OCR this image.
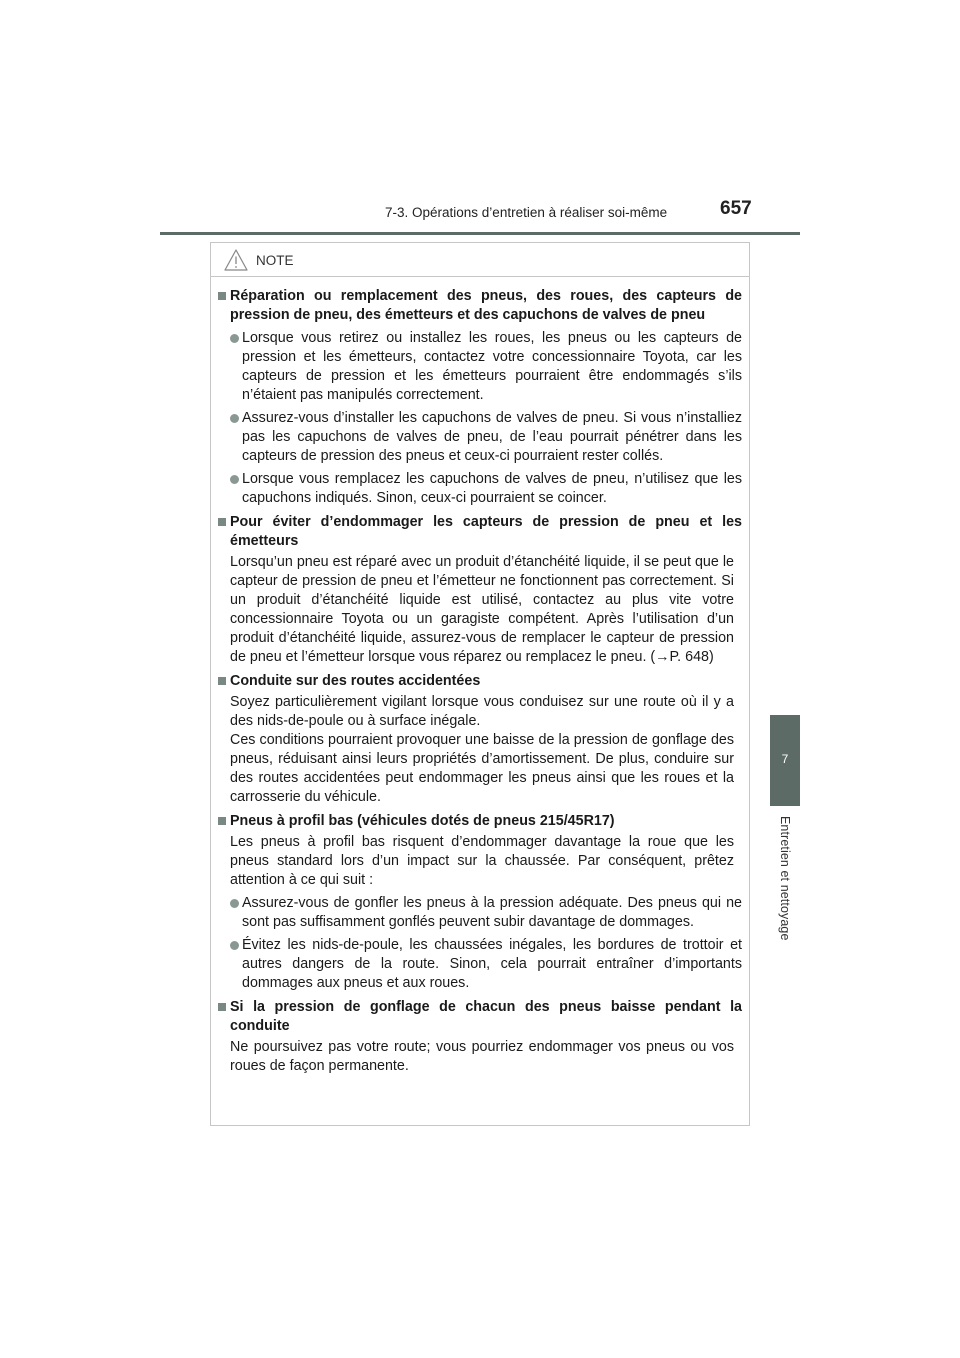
7-3. Opérations d’entretien à réaliser soi-même	657
7
Entretien et nettoyage
NOTE
Réparation ou remplacement des pneus, des roues, des capteurs de pression de pneu, des émetteurs et des capuchons de valves de pneu
Lorsque vous retirez ou installez les roues, les pneus ou les capteurs de pression et les émetteurs, contactez votre concessionnaire Toyota, car les capteurs de pression et les émetteurs pourraient être endommagés s’ils n’étaient pas manipulés correctement.
Assurez-vous d’installer les capuchons de valves de pneu. Si vous n’installiez pas les capuchons de valves de pneu, de l’eau pourrait pénétrer dans les capteurs de pression des pneus et ceux-ci pourraient rester collés.
Lorsque vous remplacez les capuchons de valves de pneu, n’utilisez que les capuchons indiqués. Sinon, ceux-ci pourraient se coincer.
Pour éviter d’endommager les capteurs de pression de pneu et les émetteurs
Lorsqu’un pneu est réparé avec un produit d’étanchéité liquide, il se peut que le capteur de pression de pneu et l’émetteur ne fonctionnent pas correctement. Si un produit d’étanchéité liquide est utilisé, contactez au plus vite votre concessionnaire Toyota ou un garagiste compétent. Après l’utilisation d’un produit d’étanchéité liquide, assurez-vous de remplacer le capteur de pression de pneu et l’émetteur lorsque vous réparez ou remplacez le pneu. (→P. 648)
Conduite sur des routes accidentées
Soyez particulièrement vigilant lorsque vous conduisez sur une route où il y a des nids-de-poule ou à surface inégale.
Ces conditions pourraient provoquer une baisse de la pression de gonflage des pneus, réduisant ainsi leurs propriétés d’amortissement. De plus, conduire sur des routes accidentées peut endommager les pneus ainsi que les roues et la carrosserie du véhicule.
Pneus à profil bas (véhicules dotés de pneus 215/45R17)
Les pneus à profil bas risquent d’endommager davantage la roue que les pneus standard lors d’un impact sur la chaussée. Par conséquent, prêtez attention à ce qui suit :
Assurez-vous de gonfler les pneus à la pression adéquate. Des pneus qui ne sont pas suffisamment gonflés peuvent subir davantage de dommages.
Évitez les nids-de-poule, les chaussées inégales, les bordures de trottoir et autres dangers de la route. Sinon, cela pourrait entraîner d’importants dommages aux pneus et aux roues.
Si la pression de gonflage de chacun des pneus baisse pendant la conduite
Ne poursuivez pas votre route; vous pourriez endommager vos pneus ou vos roues de façon permanente.
